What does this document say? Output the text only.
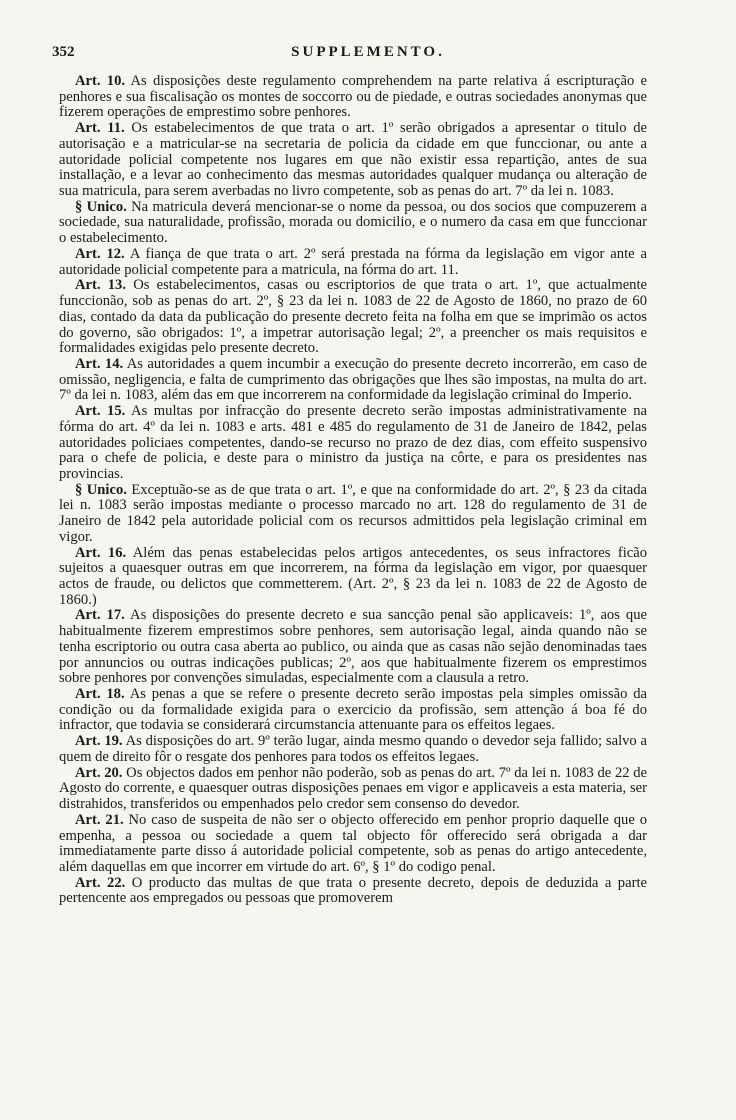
352	SUPPLEMENTO.

Art. 10. As disposições deste regulamento comprehendem na parte relativa á escripturação e penhores e sua fiscalisação os montes de soccorro ou de piedade, e outras sociedades anonymas que fizerem operações de emprestimo sobre penhores.

Art. 11. Os estabelecimentos de que trata o art. 1º serão obrigados a apresentar o titulo de autorisação e a matricular-se na secretaria de policia da cidade em que funccionar, ou ante a autoridade policial competente nos lugares em que não existir essa repartição, antes de sua installação, e a levar ao conhecimento das mesmas autoridades qualquer mudança ou alteração de sua matricula, para serem averbadas no livro competente, sob as penas do art. 7º da lei n. 1083.

§ Unico. Na matricula deverá mencionar-se o nome da pessoa, ou dos socios que compuzerem a sociedade, sua naturalidade, profissão, morada ou domicilio, e o numero da casa em que funccionar o estabelecimento.

Art. 12. A fiança de que trata o art. 2º será prestada na fórma da legislação em vigor ante a autoridade policial competente para a matricula, na fórma do art. 11.

Art. 13. Os estabelecimentos, casas ou escriptorios de que trata o art. 1º, que actualmente funccionão, sob as penas do art. 2º, § 23 da lei n. 1083 de 22 de Agosto de 1860, no prazo de 60 dias, contado da data da publicação do presente decreto feita na folha em que se imprimão os actos do governo, são obrigados: 1º, a impetrar autorisação legal; 2º, a preencher os mais requisitos e formalidades exigidas pelo presente decreto.

Art. 14. As autoridades a quem incumbir a execução do presente decreto incorrerão, em caso de omissão, negligencia, e falta de cumprimento das obrigações que lhes são impostas, na multa do art. 7º da lei n. 1083, além das em que incorrerem na conformidade da legislação criminal do Imperio.

Art. 15. As multas por infracção do presente decreto serão impostas administrativamente na fórma do art. 4º da lei n. 1083 e arts. 481 e 485 do regulamento de 31 de Janeiro de 1842, pelas autoridades policiaes competentes, dando-se recurso no prazo de dez dias, com effeito suspensivo para o chefe de policia, e deste para o ministro da justiça na côrte, e para os presidentes nas provincias.

§ Unico. Exceptuão-se as de que trata o art. 1º, e que na conformidade do art. 2º, § 23 da citada lei n. 1083 serão impostas mediante o processo marcado no art. 128 do regulamento de 31 de Janeiro de 1842 pela autoridade policial com os recursos admittidos pela legislação criminal em vigor.

Art. 16. Além das penas estabelecidas pelos artigos antecedentes, os seus infractores ficão sujeitos a quaesquer outras em que incorrerem, na fórma da legislação em vigor, por quaesquer actos de fraude, ou delictos que commetterem. (Art. 2º, § 23 da lei n. 1083 de 22 de Agosto de 1860.)

Art. 17. As disposições do presente decreto e sua sancção penal são applicaveis: 1º, aos que habitualmente fizerem emprestimos sobre penhores, sem autorisação legal, ainda quando não se tenha escriptorio ou outra casa aberta ao publico, ou ainda que as casas não sejão denominadas taes por annuncios ou outras indicações publicas; 2º, aos que habitualmente fizerem os emprestimos sobre penhores por convenções simuladas, especialmente com a clausula a retro.

Art. 18. As penas a que se refere o presente decreto serão impostas pela simples omissão da condição ou da formalidade exigida para o exercicio da profissão, sem attenção á boa fé do infractor, que todavia se considerará circumstancia attenuante para os effeitos legaes.

Art. 19. As disposições do art. 9º terão lugar, ainda mesmo quando o devedor seja fallido; salvo a quem de direito fôr o resgate dos penhores para todos os effeitos legaes.

Art. 20. Os objectos dados em penhor não poderão, sob as penas do art. 7º da lei n. 1083 de 22 de Agosto do corrente, e quaesquer outras disposições penaes em vigor e applicaveis a esta materia, ser distrahidos, transferidos ou empenhados pelo credor sem consenso do devedor.

Art. 21. No caso de suspeita de não ser o objecto offerecido em penhor proprio daquelle que o empenha, a pessoa ou sociedade a quem tal objecto fôr offerecido será obrigada a dar immediatamente parte disso á autoridade policial competente, sob as penas do artigo antecedente, além daquellas em que incorrer em virtude do art. 6º, § 1º do codigo penal.

Art. 22. O producto das multas de que trata o presente decreto, depois de deduzida a parte pertencente aos empregados ou pessoas que promoverem
